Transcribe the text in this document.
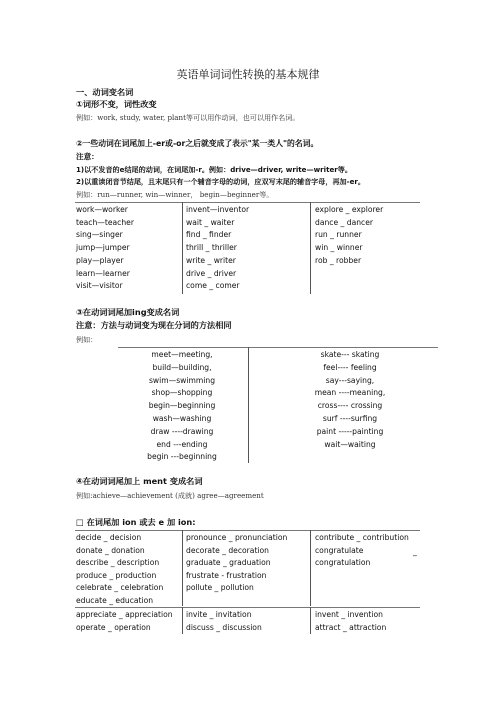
英语单词词性转换的基本规律
一、动词变名词
①词形不变，词性改变
例如：work, study, water, plant等可以用作动词，也可以用作名词。
②一些动词在词尾加上-er或-or之后就变成了表示"某一类人"的名词。
注意：
1)以不发音的e结尾的动词，在词尾加-r。例如：drive—driver, write—writer等。
2)以重读闭音节结尾，且末尾只有一个辅音字母的动词，应双写末尾的辅音字母，再加-er。
例如：run—runner, win—winner， begin—beginner等。
work—worker
teach—teacher
sing—singer
jump—jumper
play—player
learn—learner
visit—visitor
invent—inventor
wait _ waiter
find _ finder
thrill _ thriller
write _ writer
drive _ driver
come _ comer
explore _ explorer
dance _ dancer
run _ runner
win _ winner
rob _ robber
③在动词词尾加ing变成名词
注意：方法与动词变为现在分词的方法相同
例如：
meet—meeting,
build—building,
swim—swimming
shop—shopping
begin—beginning
wash—washing
draw ----drawing
end ---ending
begin ---beginning
skate--- skating
feel---- feeling
say---saying,
mean ----meaning,
cross---- crossing
surf ----surfing
paint -----painting
wait—waiting
④在动词词尾加上 ment 变成名词
例如:achieve—achievement (成就) agree—agreement
□ 在词尾加 ion 或去 e 加 ion:
decide _ decision
donate _ donation
describe _ description
produce _ production
celebrate _ celebration
educate _ education
pronounce _ pronunciation
decorate _ decoration
graduate _ graduation
frustrate - frustration
pollute _ pollution
contribute _ contribution
congratulate
congratulation
_
appreciate _ appreciation
operate _ operation
invite _ invitation
discuss _ discussion
invent _ invention
attract _ attraction
